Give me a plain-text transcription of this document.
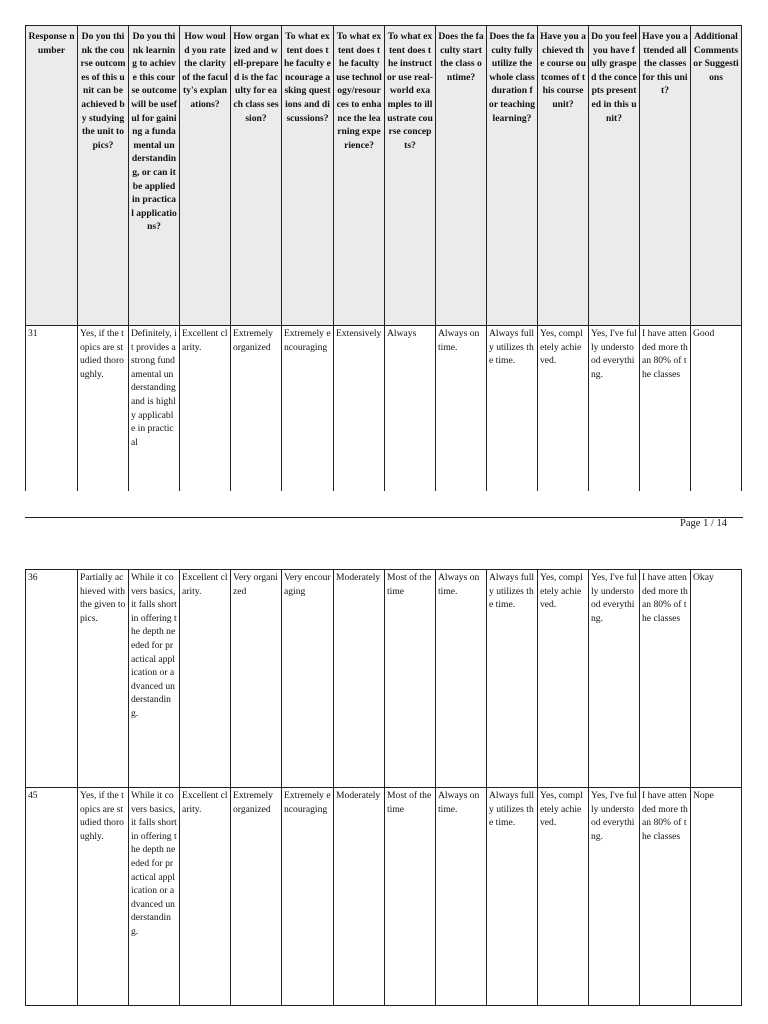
Response number	Do you think the course outcomes of this unit can be achieved by studying the unit topics?	Do you think learning to achieve this course outcome will be useful for gaining a fundamental understanding, or can it be applied in practical applications?	How would you rate the clarity of the faculty's explanations?	How organized and well-prepared is the faculty for each class session?	To what extent does the faculty encourage asking questions and discussions?	To what extent does the faculty use technology/resources to enhance the learning experience?	To what extent does the instructor use real-world examples to illustrate course concepts?	Does the faculty start the class ontime?	Does the faculty fully utilize the whole class duration for teaching learning?	Have you achieved the course outcomes of this course unit?	Do you feel you have fully grasped the concepts presented in this unit?	Have you attended all the classes for this unit?	Additional Comments or Suggestions
31	Yes, if the topics are studied thoroughly.	Definitely, it provides a strong fundamental understanding and is highly applicable in practical	Excellent clarity.	Extremely organized	Extremely encouraging	Extensively	Always	Always on time.	Always fully utilizes the time.	Yes, completely achieved.	Yes, I've fully understood everything.	I have attended more than 80% of the classes	Good
Page 1 / 14
36	Partially achieved with the given topics.	While it covers basics, it falls short in offering the depth needed for practical application or advanced understanding.	Excellent clarity.	Very organized	Very encouraging	Moderately	Most of the time	Always on time.	Always fully utilizes the time.	Yes, completely achieved.	Yes, I've fully understood everything.	I have attended more than 80% of the classes	Okay
45	Yes, if the topics are studied thoroughly.	While it covers basics, it falls short in offering the depth needed for practical application or advanced understanding.	Excellent clarity.	Extremely organized	Extremely encouraging	Moderately	Most of the time	Always on time.	Always fully utilizes the time.	Yes, completely achieved.	Yes, I've fully understood everything.	I have attended more than 80% of the classes	Nope
